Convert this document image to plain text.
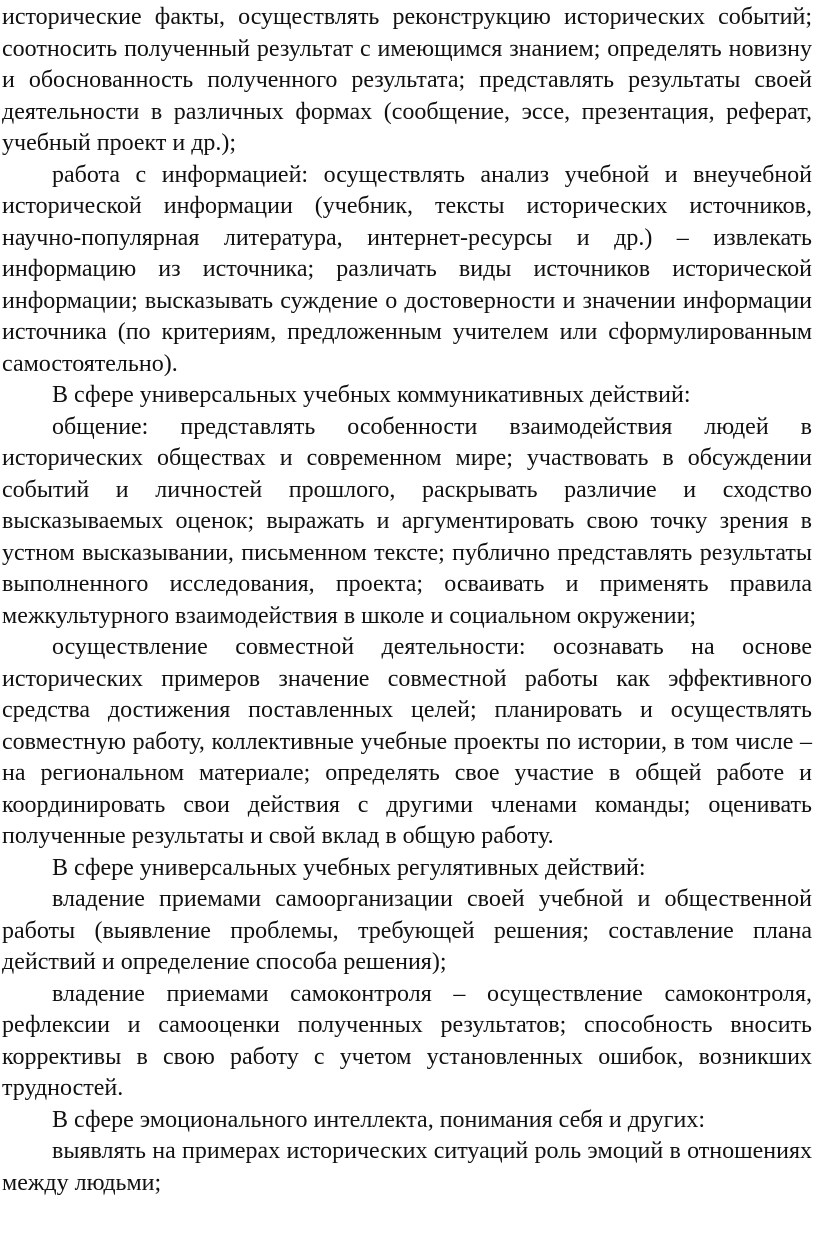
исторические факты, осуществлять реконструкцию исторических событий; соотносить полученный результат с имеющимся знанием; определять новизну и обоснованность полученного результата; представлять результаты своей деятельности в различных формах (сообщение, эссе, презентация, реферат, учебный проект и др.);

работа с информацией: осуществлять анализ учебной и внеучебной исторической информации (учебник, тексты исторических источников, научно-популярная литература, интернет-ресурсы и др.) – извлекать информацию из источника; различать виды источников исторической информации; высказывать суждение о достоверности и значении информации источника (по критериям, предложенным учителем или сформулированным самостоятельно).

В сфере универсальных учебных коммуникативных действий:

общение: представлять особенности взаимодействия людей в исторических обществах и современном мире; участвовать в обсуждении событий и личностей прошлого, раскрывать различие и сходство высказываемых оценок; выражать и аргументировать свою точку зрения в устном высказывании, письменном тексте; публично представлять результаты выполненного исследования, проекта; осваивать и применять правила межкультурного взаимодействия в школе и социальном окружении;

осуществление совместной деятельности: осознавать на основе исторических примеров значение совместной работы как эффективного средства достижения поставленных целей; планировать и осуществлять совместную работу, коллективные учебные проекты по истории, в том числе – на региональном материале; определять свое участие в общей работе и координировать свои действия с другими членами команды; оценивать полученные результаты и свой вклад в общую работу.

В сфере универсальных учебных регулятивных действий:

владение приемами самоорганизации своей учебной и общественной работы (выявление проблемы, требующей решения; составление плана действий и определение способа решения);

владение приемами самоконтроля – осуществление самоконтроля, рефлексии и самооценки полученных результатов; способность вносить коррективы в свою работу с учетом установленных ошибок, возникших трудностей.

В сфере эмоционального интеллекта, понимания себя и других:

выявлять на примерах исторических ситуаций роль эмоций в отношениях между людьми;
